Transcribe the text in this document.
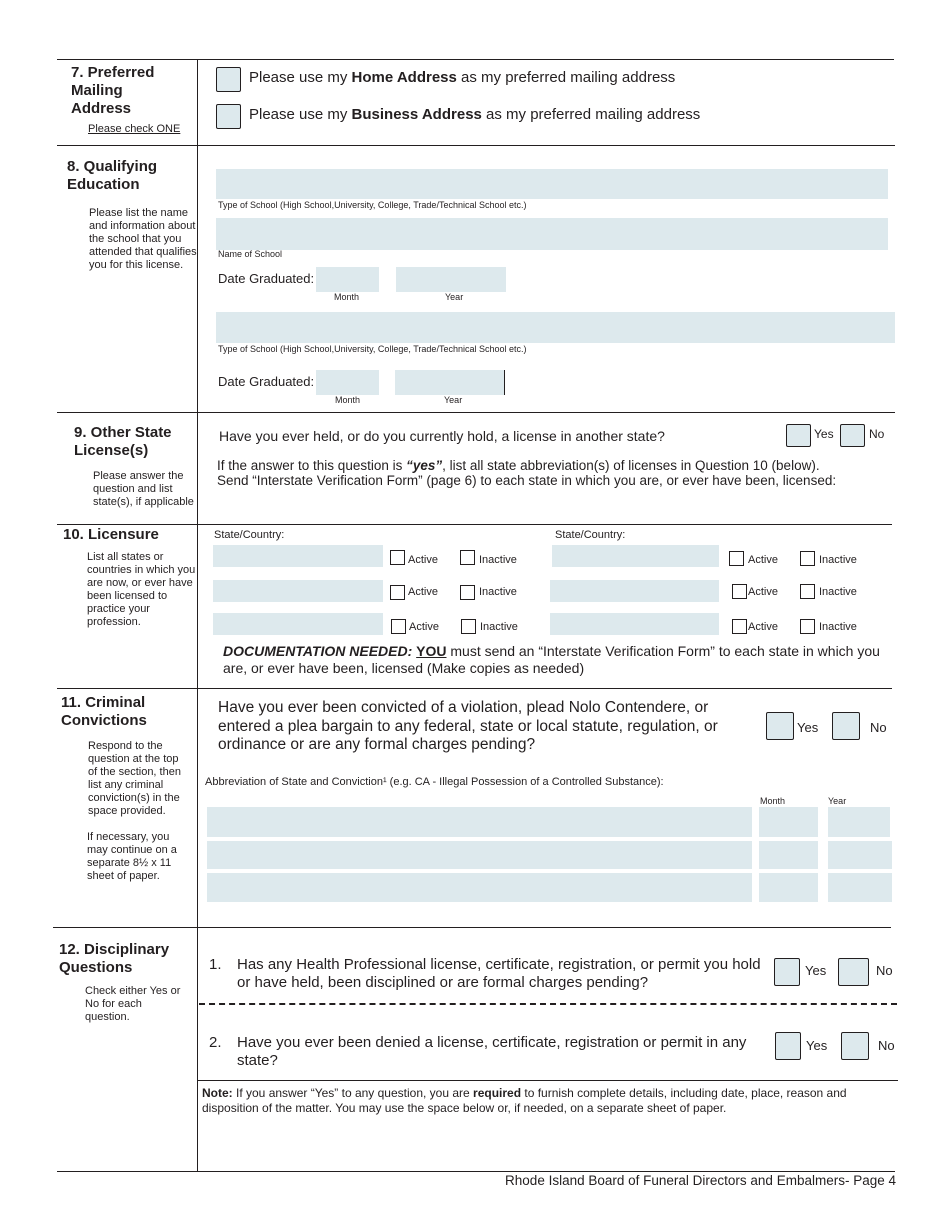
7. Preferred Mailing Address
Please check ONE
Please use my Home Address as my preferred mailing address
Please use my Business Address as my preferred mailing address
8. Qualifying Education
Please list the name and information about the school that you attended that qualifies you for this license.
Type of School (High School,University, College, Trade/Technical School etc.)
Name of School
Date Graduated:
Month	Year
Type of School (High School,University, College, Trade/Technical School etc.)
Date Graduated:
Month	Year
9. Other State License(s)
Please answer the question and list state(s), if applicable
Have you ever held, or do you currently hold, a license in another state?	Yes	No
If the answer to this question is “yes”, list all state abbreviation(s) of licenses in Question 10 (below).
Send “Interstate Verification Form” (page 6) to each state in which you are, or ever have been, licensed:
10. Licensure
List all states or countries in which you are now, or ever have been licensed to practice your profession.
State/Country:	State/Country:
Active	Inactive	Active	Inactive
Active	Inactive	Active	Inactive
Active	Inactive	Active	Inactive
DOCUMENTATION NEEDED: YOU must send an “Interstate Verification Form” to each state in which you are, or ever have been, licensed (Make copies as needed)
11. Criminal Convictions
Respond to the question at the top of the section, then list any criminal conviction(s) in the space provided.
If necessary, you may continue on a separate 8½ x 11 sheet of paper.
Have you ever been convicted of a violation, plead Nolo Contendere, or entered a plea bargain to any federal, state or local statute, regulation, or ordinance or are any formal charges pending?
Yes	No
Abbreviation of State and Conviction¹ (e.g. CA - Illegal Possession of a Controlled Substance):
Month	Year
12. Disciplinary Questions
Check either Yes or No for each question.
1. Has any Health Professional license, certificate, registration, or permit you hold or have held, been disciplined or are formal charges pending?
Yes	No
2. Have you ever been denied a license, certificate, registration or permit in any state?
Yes	No
Note: If you answer “Yes” to any question, you are required to furnish complete details, including date, place, reason and disposition of the matter. You may use the space below or, if needed, on a separate sheet of paper.
Rhode Island Board of Funeral Directors and Embalmers- Page 4
